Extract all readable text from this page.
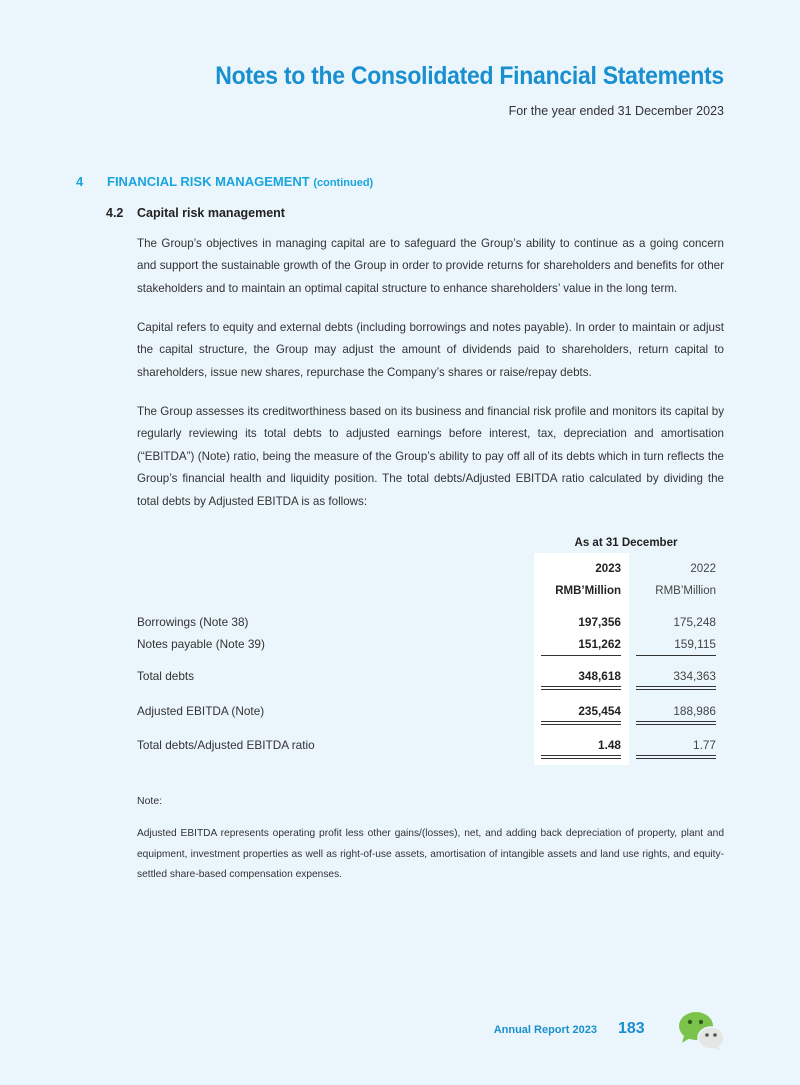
Notes to the Consolidated Financial Statements
For the year ended 31 December 2023
4 FINANCIAL RISK MANAGEMENT (continued)
4.2 Capital risk management

The Group’s objectives in managing capital are to safeguard the Group’s ability to continue as a going concern and support the sustainable growth of the Group in order to provide returns for shareholders and benefits for other stakeholders and to maintain an optimal capital structure to enhance shareholders’ value in the long term.

Capital refers to equity and external debts (including borrowings and notes payable). In order to maintain or adjust the capital structure, the Group may adjust the amount of dividends paid to shareholders, return capital to shareholders, issue new shares, repurchase the Company’s shares or raise/repay debts.

The Group assesses its creditworthiness based on its business and financial risk profile and monitors its capital by regularly reviewing its total debts to adjusted earnings before interest, tax, depreciation and amortisation (“EBITDA”) (Note) ratio, being the measure of the Group’s ability to pay off all of its debts which in turn reflects the Group’s financial health and liquidity position. The total debts/Adjusted EBITDA ratio calculated by dividing the total debts by Adjusted EBITDA is as follows:

As at 31 December
2023	2022
RMB’Million	RMB’Million
Borrowings (Note 38)	197,356	175,248
Notes payable (Note 39)	151,262	159,115
Total debts	348,618	334,363
Adjusted EBITDA (Note)	235,454	188,986
Total debts/Adjusted EBITDA ratio	1.48	1.77
Note:

Adjusted EBITDA represents operating profit less other gains/(losses), net, and adding back depreciation of property, plant and equipment, investment properties as well as right-of-use assets, amortisation of intangible assets and land use rights, and equity-settled share-based compensation expenses.

Annual Report 2023 183
